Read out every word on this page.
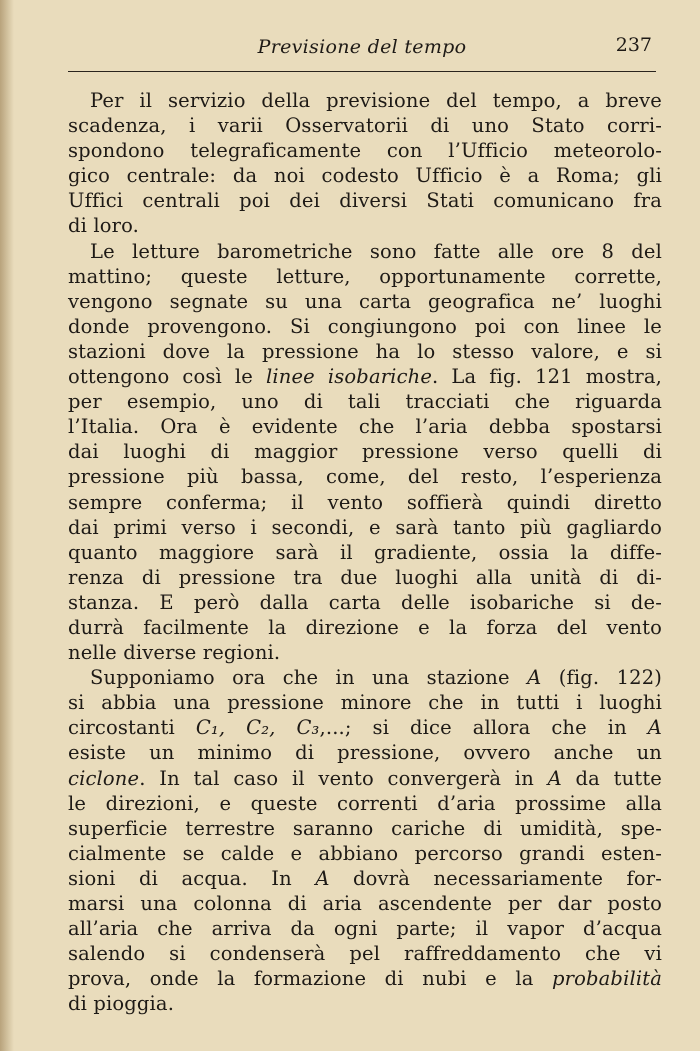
Previsione del tempo	237
Per il servizio della previsione del tempo, a breve
scadenza, i varii Osservatorii di uno Stato corri-
spondono telegraficamente con l’Ufficio meteorolo-
gico centrale: da noi codesto Ufficio è a Roma; gli
Uffici centrali poi dei diversi Stati comunicano fra
di loro.
Le letture barometriche sono fatte alle ore 8 del
mattino; queste letture, opportunamente corrette,
vengono segnate su una carta geografica ne’ luoghi
donde provengono. Si congiungono poi con linee le
stazioni dove la pressione ha lo stesso valore, e si
ottengono così le linee isobariche. La fig. 121 mostra,
per esempio, uno di tali tracciati che riguarda
l’Italia. Ora è evidente che l’aria debba spostarsi
dai luoghi di maggior pressione verso quelli di
pressione più bassa, come, del resto, l’esperienza
sempre conferma; il vento soffierà quindi diretto
dai primi verso i secondi, e sarà tanto più gagliardo
quanto maggiore sarà il gradiente, ossia la diffe-
renza di pressione tra due luoghi alla unità di di-
stanza. E però dalla carta delle isobariche si de-
durrà facilmente la direzione e la forza del vento
nelle diverse regioni.
Supponiamo ora che in una stazione A (fig. 122)
si abbia una pressione minore che in tutti i luoghi
circostanti C₁, C₂, C₃,...; si dice allora che in A
esiste un minimo di pressione, ovvero anche un
ciclone. In tal caso il vento convergerà in A da tutte
le direzioni, e queste correnti d’aria prossime alla
superficie terrestre saranno cariche di umidità, spe-
cialmente se calde e abbiano percorso grandi esten-
sioni di acqua. In A dovrà necessariamente for-
marsi una colonna di aria ascendente per dar posto
all’aria che arriva da ogni parte; il vapor d’acqua
salendo si condenserà pel raffreddamento che vi
prova, onde la formazione di nubi e la probabilità
di pioggia.
